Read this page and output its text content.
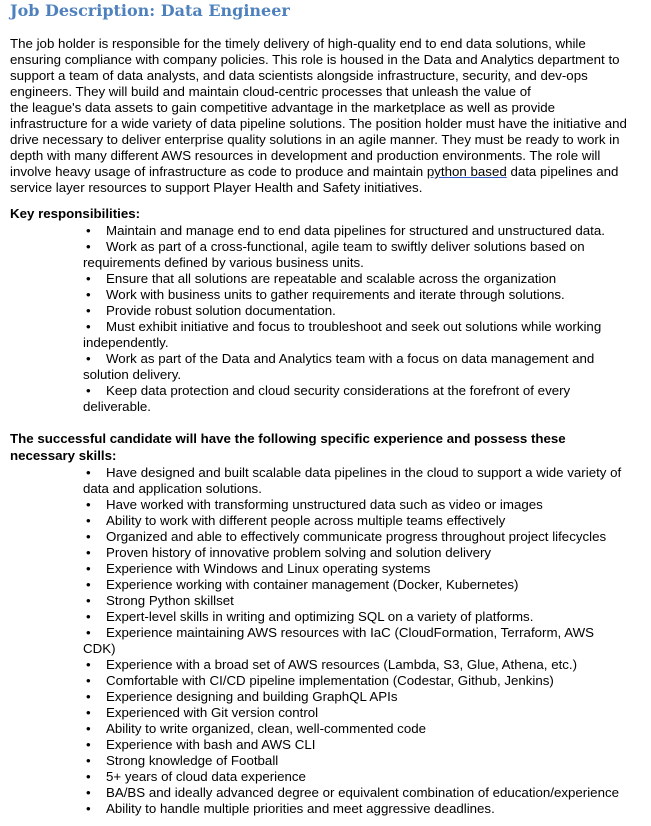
Job Description: Data Engineer
The job holder is responsible for the timely delivery of high-quality end to end data solutions, while
ensuring compliance with company policies. This role is housed in the Data and Analytics department to
support a team of data analysts, and data scientists alongside infrastructure, security, and dev-ops
engineers. They will build and maintain cloud-centric processes that unleash the value of
the league's data assets to gain competitive advantage in the marketplace as well as provide
infrastructure for a wide variety of data pipeline solutions. The position holder must have the initiative and
drive necessary to deliver enterprise quality solutions in an agile manner. They must be ready to work in
depth with many different AWS resources in development and production environments. The role will
involve heavy usage of infrastructure as code to produce and maintain python based data pipelines and
service layer resources to support Player Health and Safety initiatives.
Key responsibilities:
• Maintain and manage end to end data pipelines for structured and unstructured data.
• Work as part of a cross-functional, agile team to swiftly deliver solutions based on requirements defined by various business units.
• Ensure that all solutions are repeatable and scalable across the organization
• Work with business units to gather requirements and iterate through solutions.
• Provide robust solution documentation.
• Must exhibit initiative and focus to troubleshoot and seek out solutions while working independently.
• Work as part of the Data and Analytics team with a focus on data management and solution delivery.
• Keep data protection and cloud security considerations at the forefront of every deliverable.
The successful candidate will have the following specific experience and possess these necessary skills:
• Have designed and built scalable data pipelines in the cloud to support a wide variety of data and application solutions.
• Have worked with transforming unstructured data such as video or images
• Ability to work with different people across multiple teams effectively
• Organized and able to effectively communicate progress throughout project lifecycles
• Proven history of innovative problem solving and solution delivery
• Experience with Windows and Linux operating systems
• Experience working with container management (Docker, Kubernetes)
• Strong Python skillset
• Expert-level skills in writing and optimizing SQL on a variety of platforms.
• Experience maintaining AWS resources with IaC (CloudFormation, Terraform, AWS CDK)
• Experience with a broad set of AWS resources (Lambda, S3, Glue, Athena, etc.)
• Comfortable with CI/CD pipeline implementation (Codestar, Github, Jenkins)
• Experience designing and building GraphQL APIs
• Experienced with Git version control
• Ability to write organized, clean, well-commented code
• Experience with bash and AWS CLI
• Strong knowledge of Football
• 5+ years of cloud data experience
• BA/BS and ideally advanced degree or equivalent combination of education/experience
• Ability to handle multiple priorities and meet aggressive deadlines.
